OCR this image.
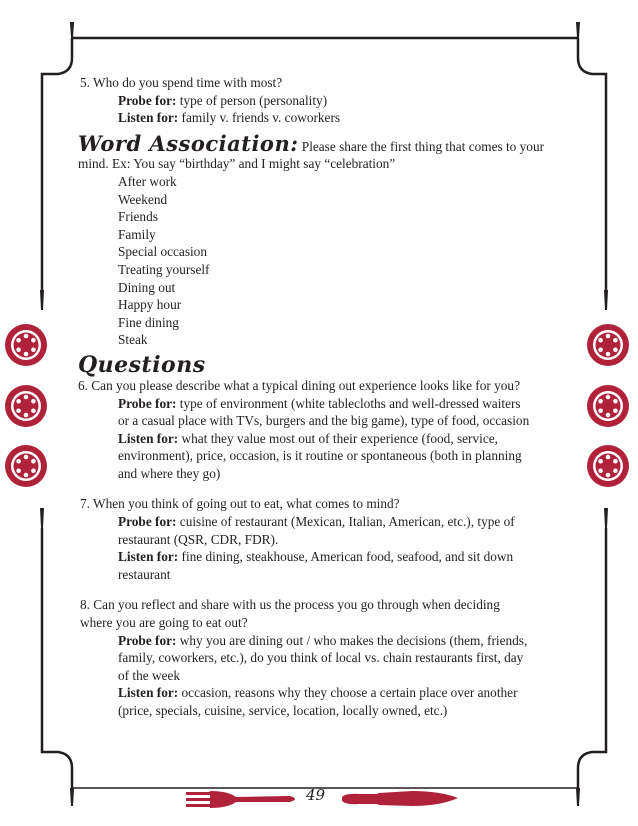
5. Who do you spend time with most?
Probe for: type of person (personality)
Listen for: family v. friends v. coworkers
Word Association: Please share the first thing that comes to your
mind. Ex: You say “birthday” and I might say “celebration”
After work
Weekend
Friends
Family
Special occasion
Treating yourself
Dining out
Happy hour
Fine dining
Steak
Questions
6. Can you please describe what a typical dining out experience looks like for you?
Probe for: type of environment (white tablecloths and well-dressed waiters
or a casual place with TVs, burgers and the big game), type of food, occasion
Listen for: what they value most out of their experience (food, service,
environment), price, occasion, is it routine or spontaneous (both in planning
and where they go)
7. When you think of going out to eat, what comes to mind?
Probe for: cuisine of restaurant (Mexican, Italian, American, etc.), type of
restaurant (QSR, CDR, FDR).
Listen for: fine dining, steakhouse, American food, seafood, and sit down
restaurant
8. Can you reflect and share with us the process you go through when deciding
where you are going to eat out?
Probe for: why you are dining out / who makes the decisions (them, friends,
family, coworkers, etc.), do you think of local vs. chain restaurants first, day
of the week
Listen for: occasion, reasons why they choose a certain place over another
(price, specials, cuisine, service, location, locally owned, etc.)
49
